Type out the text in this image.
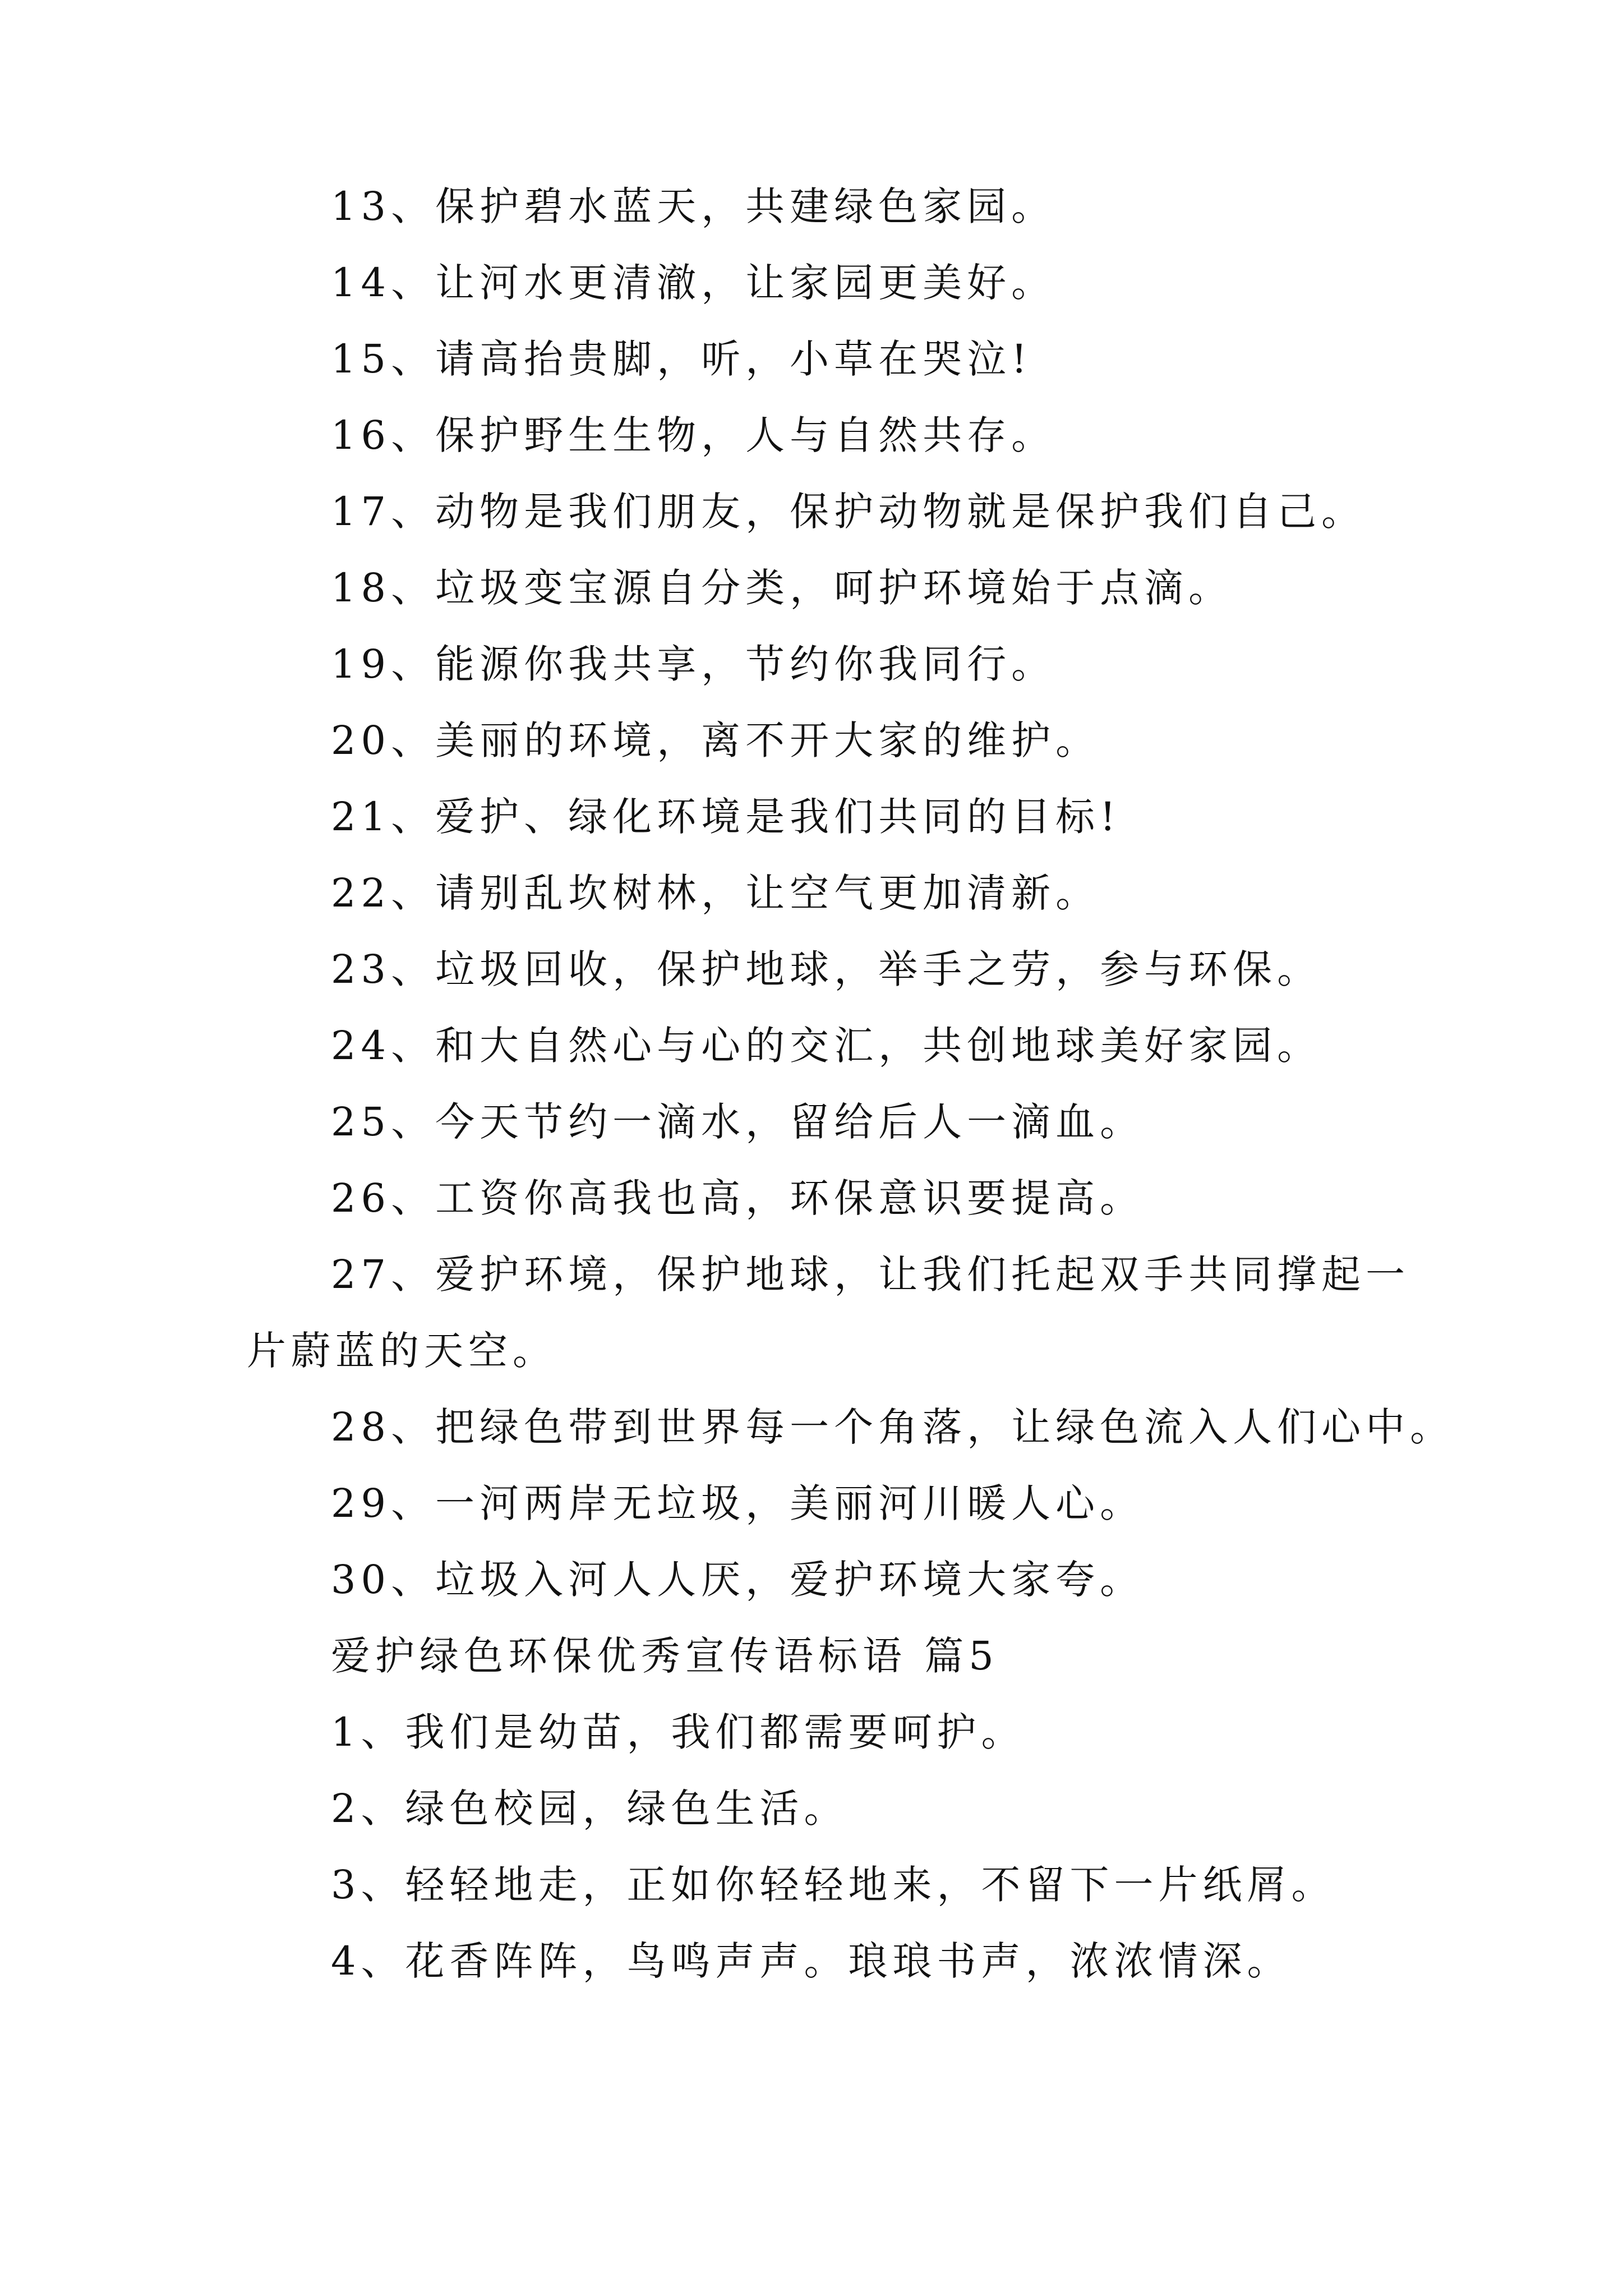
13、保护碧水蓝天，共建绿色家园。
14、让河水更清澈，让家园更美好。
15、请高抬贵脚，听，小草在哭泣!
16、保护野生生物，人与自然共存。
17、动物是我们朋友，保护动物就是保护我们自己。
18、垃圾变宝源自分类，呵护环境始于点滴。
19、能源你我共享，节约你我同行。
20、美丽的环境，离不开大家的维护。
21、爱护、绿化环境是我们共同的目标!
22、请别乱坎树林，让空气更加清新。
23、垃圾回收，保护地球，举手之劳，参与环保。
24、和大自然心与心的交汇，共创地球美好家园。
25、今天节约一滴水，留给后人一滴血。
26、工资你高我也高，环保意识要提高。
27、爱护环境，保护地球，让我们托起双手共同撑起一
片蔚蓝的天空。
28、把绿色带到世界每一个角落，让绿色流入人们心中。
29、一河两岸无垃圾，美丽河川暖人心。
30、垃圾入河人人厌，爱护环境大家夸。
爱护绿色环保优秀宣传语标语 篇5
1、我们是幼苗，我们都需要呵护。
2、绿色校园，绿色生活。
3、轻轻地走，正如你轻轻地来，不留下一片纸屑。
4、花香阵阵，鸟鸣声声。琅琅书声，浓浓情深。
